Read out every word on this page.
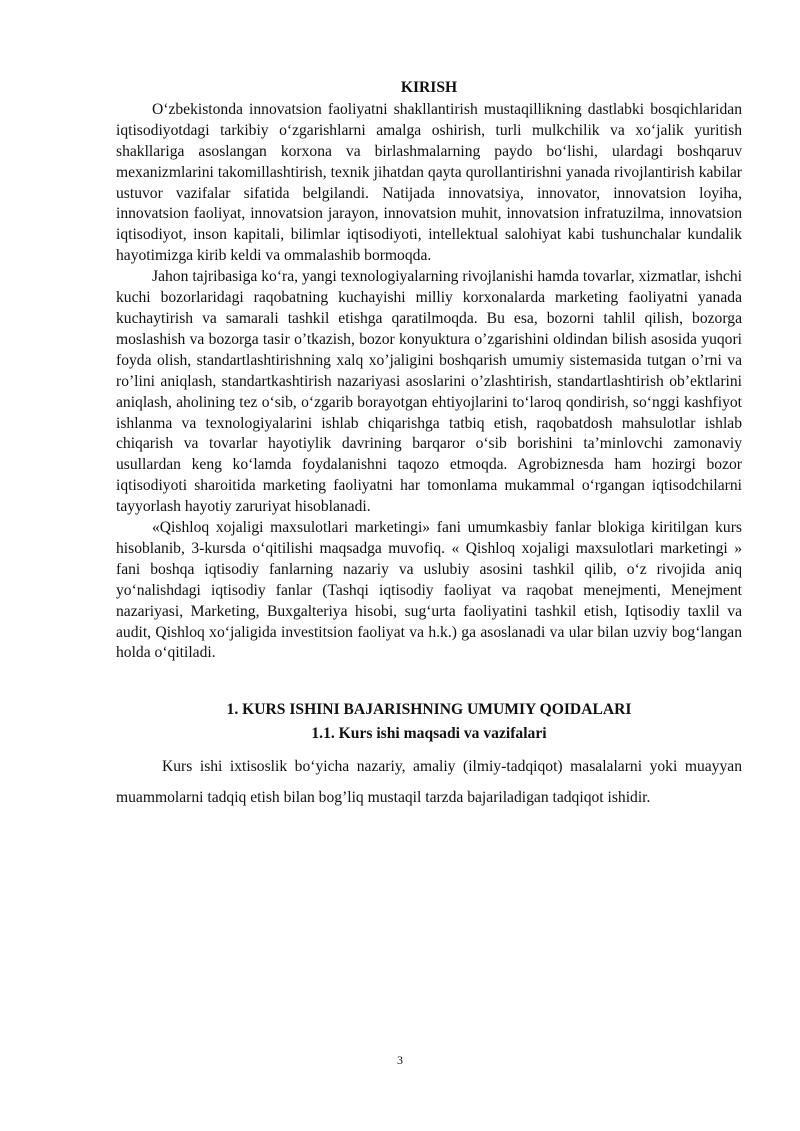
KIRISH

O‘zbekistonda innovatsion faoliyatni shakllantirish mustaqillikning dastlabki bosqichlaridan iqtisodiyotdagi tarkibiy o‘zgarishlarni amalga oshirish, turli mulkchilik va xo‘jalik yuritish shakllariga asoslangan korxona va birlashmalarning paydo bo‘lishi, ulardagi boshqaruv mexanizmlarini takomillashtirish, texnik jihatdan qayta qurollantirishni yanada rivojlantirish kabilar ustuvor vazifalar sifatida belgilandi. Natijada innovatsiya, innovator, innovatsion loyiha, innovatsion faoliyat, innovatsion jarayon, innovatsion muhit, innovatsion infratuzilma, innovatsion iqtisodiyot, inson kapitali, bilimlar iqtisodiyoti, intellektual salohiyat kabi tushunchalar kundalik hayotimizga kirib keldi va ommalashib bormoqda.

Jahon tajribasiga ko‘ra, yangi texnologiyalarning rivojlanishi hamda tovarlar, xizmatlar, ishchi kuchi bozorlaridagi raqobatning kuchayishi milliy korxonalarda marketing faoliyatni yanada kuchaytirish va samarali tashkil etishga qaratilmoqda. Bu esa, bozorni tahlil qilish, bozorga moslashish va bozorga tasir o’tkazish, bozor konyuktura o’zgarishini oldindan bilish asosida yuqori foyda olish, standartlashtirishning xalq xo’jaligini boshqarish umumiy sistemasida tutgan o’rni va ro’lini aniqlash, standartkashtirish nazariyasi asoslarini o’zlashtirish, standartlashtirish ob’ektlarini aniqlash, aholining tez o‘sib, o‘zgarib borayotgan ehtiyojlarini to‘laroq qondirish, so‘nggi kashfiyot ishlanma va texnologiyalarini ishlab chiqarishga tatbiq etish, raqobatdosh mahsulotlar ishlab chiqarish va tovarlar hayotiylik davrining barqaror o‘sib borishini ta’minlovchi zamonaviy usullardan keng ko‘lamda foydalanishni taqozo etmoqda. Agrobiznesda ham hozirgi bozor iqtisodiyoti sharoitida marketing faoliyatni har tomonlama mukammal o‘rgangan iqtisodchilarni tayyorlash hayotiy zaruriyat hisoblanadi.

«Qishloq xojaligi maxsulotlari marketingi» fani umumkasbiy fanlar blokiga kiritilgan kurs hisoblanib, 3-kursda o‘qitilishi maqsadga muvofiq. « Qishloq xojaligi maxsulotlari marketingi » fani boshqa iqtisodiy fanlarning nazariy va uslubiy asosini tashkil qilib, o‘z rivojida aniq yo‘nalishdagi iqtisodiy fanlar (Tashqi iqtisodiy faoliyat va raqobat menejmenti, Menejment nazariyasi, Marketing, Buxgalteriya hisobi, sug‘urta faoliyatini tashkil etish, Iqtisodiy taxlil va audit, Qishloq xo‘jaligida investitsion faoliyat va h.k.) ga asoslanadi va ular bilan uzviy bog‘langan holda o‘qitiladi.

1. KURS ISHINI BAJARISHNING UMUMIY QOIDALARI

1.1. Kurs ishi maqsadi va vazifalari

Kurs ishi ixtisoslik bo‘yicha nazariy, amaliy (ilmiy-tadqiqot) masalalarni yoki muayyan muammolarni tadqiq etish bilan bog’liq mustaqil tarzda bajariladigan tadqiqot ishidir.

3
